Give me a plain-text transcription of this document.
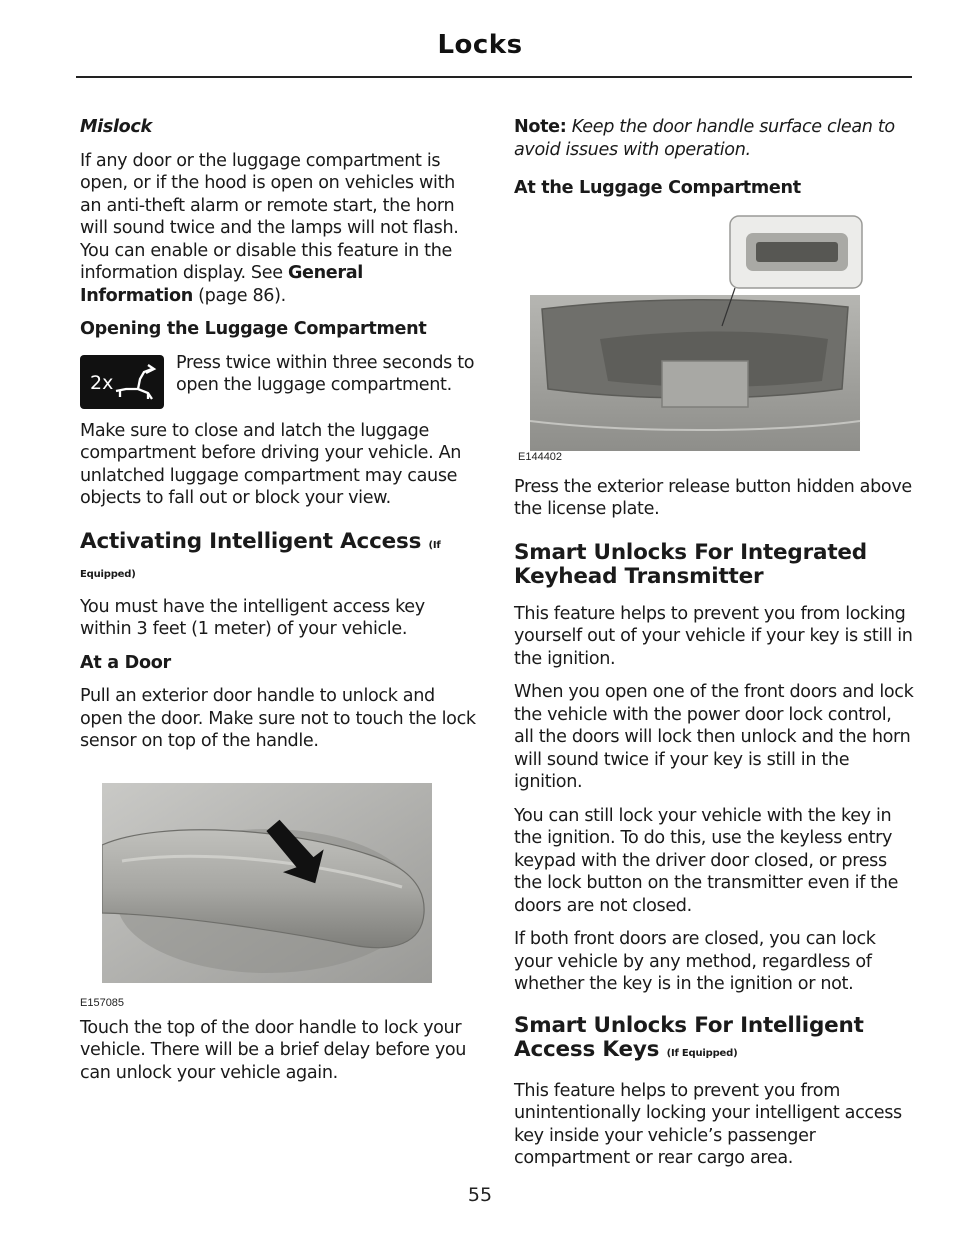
Locks

Mislock

If any door or the luggage compartment is open, or if the hood is open on vehicles with an anti-theft alarm or remote start, the horn will sound twice and the lamps will not flash. You can enable or disable this feature in the information display. See General Information (page 86).

Opening the Luggage Compartment

2x

Press twice within three seconds to open the luggage compartment.

Make sure to close and latch the luggage compartment before driving your vehicle. An unlatched luggage compartment may cause objects to fall out or block your view.

Activating Intelligent Access (If
Equipped)

You must have the intelligent access key within 3 feet (1 meter) of your vehicle.

At a Door

Pull an exterior door handle to unlock and open the door. Make sure not to touch the lock sensor on top of the handle.

E157085

Touch the top of the door handle to lock your vehicle. There will be a brief delay before you can unlock your vehicle again.

Note: Keep the door handle surface clean to avoid issues with operation.

At the Luggage Compartment

E144402

Press the exterior release button hidden above the license plate.

Smart Unlocks For Integrated Keyhead Transmitter

This feature helps to prevent you from locking yourself out of your vehicle if your key is still in the ignition.

When you open one of the front doors and lock the vehicle with the power door lock control, all the doors will lock then unlock and the horn will sound twice if your key is still in the ignition.

You can still lock your vehicle with the key in the ignition. To do this, use the keyless entry keypad with the driver door closed, or press the lock button on the transmitter even if the doors are not closed.

If both front doors are closed, you can lock your vehicle by any method, regardless of whether the key is in the ignition or not.

Smart Unlocks For Intelligent
Access Keys (If Equipped)

This feature helps to prevent you from unintentionally locking your intelligent access key inside your vehicle’s passenger compartment or rear cargo area.

55
